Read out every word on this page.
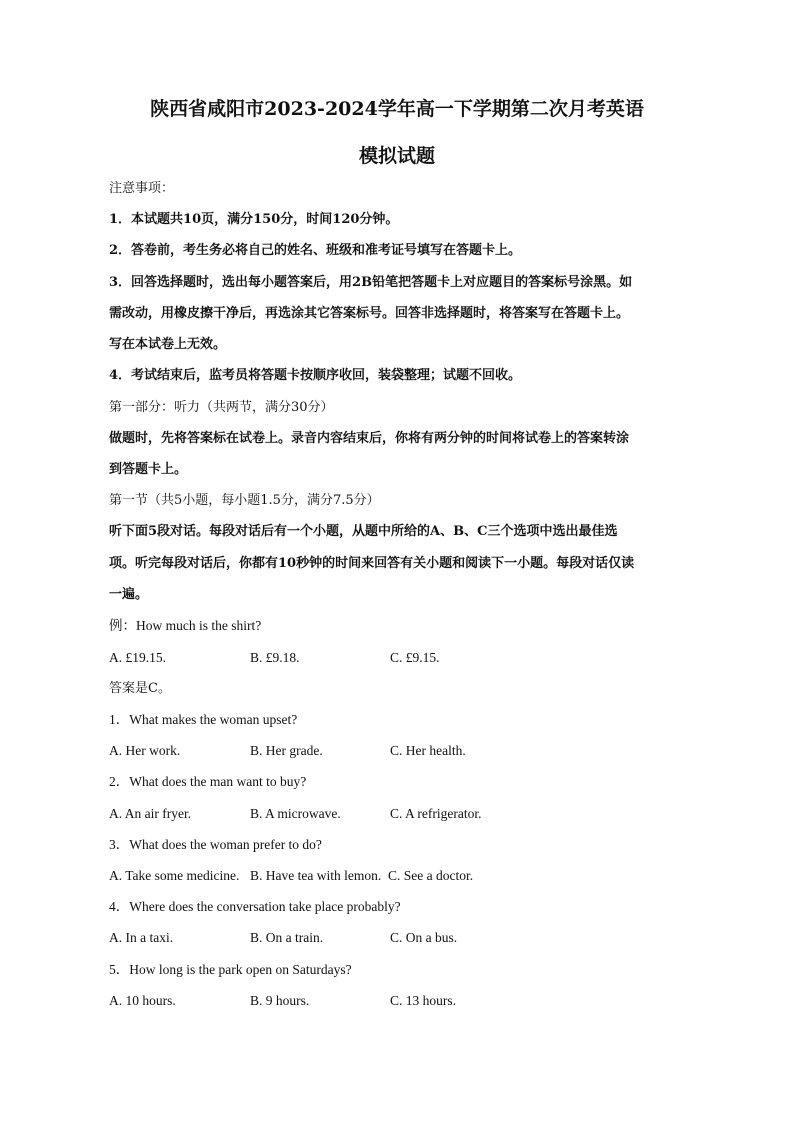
陕西省咸阳市2023-2024学年高一下学期第二次月考英语
模拟试题

注意事项：

1．本试题共10页，满分150分，时间120分钟。

2．答卷前，考生务必将自己的姓名、班级和准考证号填写在答题卡上。

3．回答选择题时，选出每小题答案后，用2B铅笔把答题卡上对应题目的答案标号涂黑。如

需改动，用橡皮擦干净后，再选涂其它答案标号。回答非选择题时，将答案写在答题卡上。

写在本试卷上无效。

4．考试结束后，监考员将答题卡按顺序收回，装袋整理；试题不回收。

第一部分：听力（共两节，满分30分）

做题时，先将答案标在试卷上。录音内容结束后，你将有两分钟的时间将试卷上的答案转涂

到答题卡上。

第一节（共5小题，每小题1.5分，满分7.5分）

听下面5段对话。每段对话后有一个小题，从题中所给的A、B、C三个选项中选出最佳选

项。听完每段对话后，你都有10秒钟的时间来回答有关小题和阅读下一小题。每段对话仅读

一遍。

例：How much is the shirt?

A. £19.15.	B. £9.18.	C. £9.15.

答案是C。

1．What makes the woman upset?

A. Her work.	B. Her grade.	C. Her health.

2．What does the man want to buy?

A. An air fryer.	B. A microwave.	C. A refrigerator.

3．What does the woman prefer to do?

A. Take some medicine. B. Have tea with lemon. C. See a doctor.

4．Where does the conversation take place probably?

A. In a taxi.	B. On a train.	C. On a bus.

5．How long is the park open on Saturdays?

A. 10 hours.	B. 9 hours.	C. 13 hours.
